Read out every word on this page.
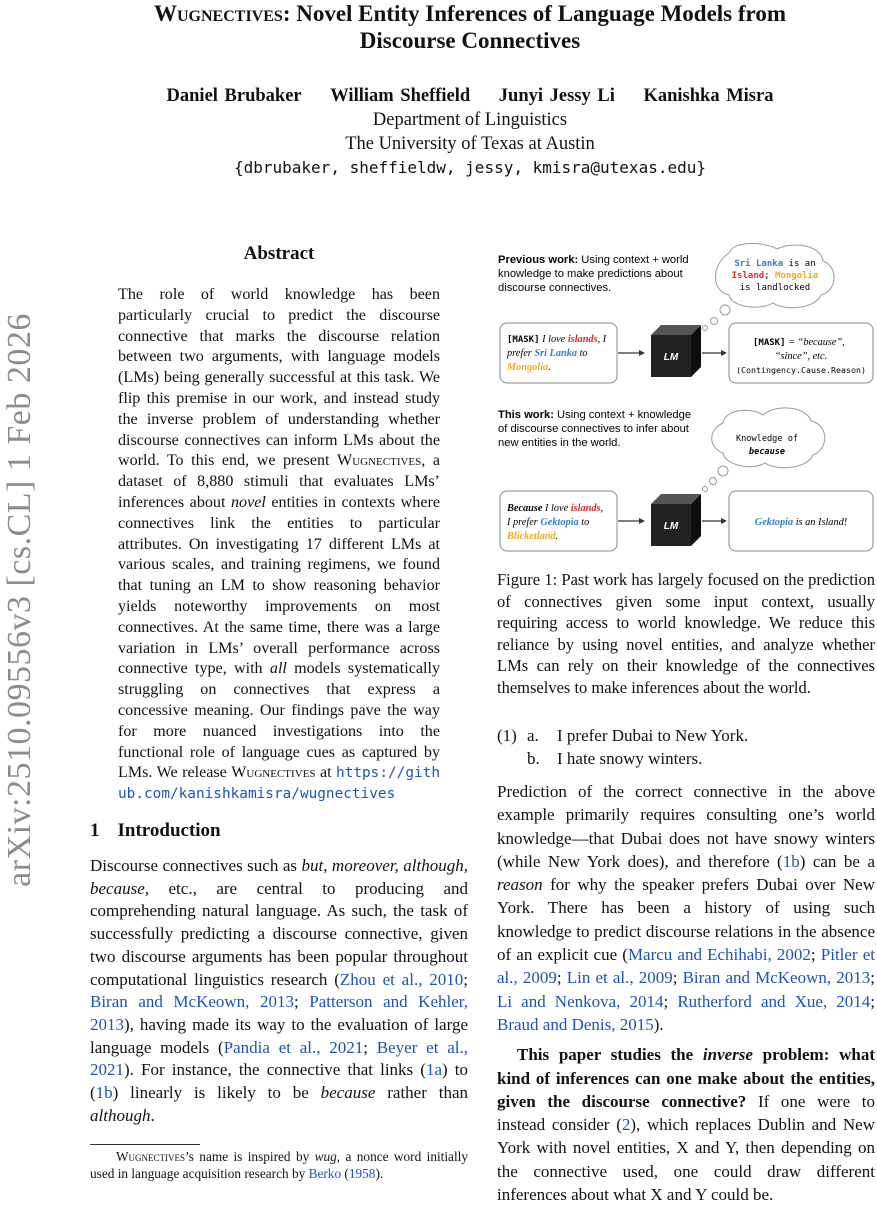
arXiv:2510.09556v3 [cs.CL] 1 Feb 2026
Wugnectives: Novel Entity Inferences of Language Models from
Discourse Connectives
Daniel Brubaker William Sheffield Junyi Jessy Li Kanishka Misra
Department of Linguistics
The University of Texas at Austin
{dbrubaker, sheffieldw, jessy, kmisra@utexas.edu}
Abstract
The role of world knowledge has been particularly crucial to predict the discourse connective that marks the discourse relation between two arguments, with language models (LMs) being generally successful at this task. We flip this premise in our work, and instead study the inverse problem of understanding whether discourse connectives can inform LMs about the world. To this end, we present Wugnectives, a dataset of 8,880 stimuli that evaluates LMs’ inferences about novel entities in contexts where connectives link the entities to particular attributes. On investigating 17 different LMs at various scales, and training regimens, we found that tuning an LM to show reasoning behavior yields noteworthy improvements on most connectives. At the same time, there was a large variation in LMs’ overall performance across connective type, with all models systematically struggling on connectives that express a concessive meaning. Our findings pave the way for more nuanced investigations into the functional role of language cues as captured by LMs. We release Wugnectives at https://github.com/kanishkamisra/wugnectives
1 Introduction
Discourse connectives such as but, moreover, although, because, etc., are central to producing and comprehending natural language. As such, the task of successfully predicting a discourse connective, given two discourse arguments has been popular throughout computational linguistics research (Zhou et al., 2010; Biran and McKeown, 2013; Patterson and Kehler, 2013), having made its way to the evaluation of large language models (Pandia et al., 2021; Beyer et al., 2021). For instance, the connective that links (1a) to (1b) linearly is likely to be because rather than although.
Wugnectives’s name is inspired by wug, a nonce word initially used in language acquisition research by Berko (1958).
Previous work: Using context + world
knowledge to make predictions about
discourse connectives.
Sri Lanka is an
Island; Mongolia
is landlocked
[MASK] I love islands, I
prefer Sri Lanka to
Mongolia.
LM
[MASK] = “because”,
“since”, etc.
(Contingency.Cause.Reason)
This work: Using context + knowledge
of discourse connectives to infer about
new entities in the world.	Knowledge of
because
Because I love islands,
I prefer Gektopia to
Blicketland.
LM	Gektopia is an Island!
Figure 1: Past work has largely focused on the prediction of connectives given some input context, usually requiring access to world knowledge. We reduce this reliance by using novel entities, and analyze whether LMs can rely on their knowledge of the connectives themselves to make inferences about the world.
(1) a.	I prefer Dubai to New York.
b.	I hate snowy winters.
Prediction of the correct connective in the above example primarily requires consulting one’s world knowledge—that Dubai does not have snowy winters (while New York does), and therefore (1b) can be a reason for why the speaker prefers Dubai over New York. There has been a history of using such knowledge to predict discourse relations in the absence of an explicit cue (Marcu and Echihabi, 2002; Pitler et al., 2009; Lin et al., 2009; Biran and McKeown, 2013; Li and Nenkova, 2014; Rutherford and Xue, 2014; Braud and Denis, 2015).
This paper studies the inverse problem: what kind of inferences can one make about the entities, given the discourse connective? If one were to instead consider (2), which replaces Dublin and New York with novel entities, X and Y, then depending on the connective used, one could draw different inferences about what X and Y could be.
